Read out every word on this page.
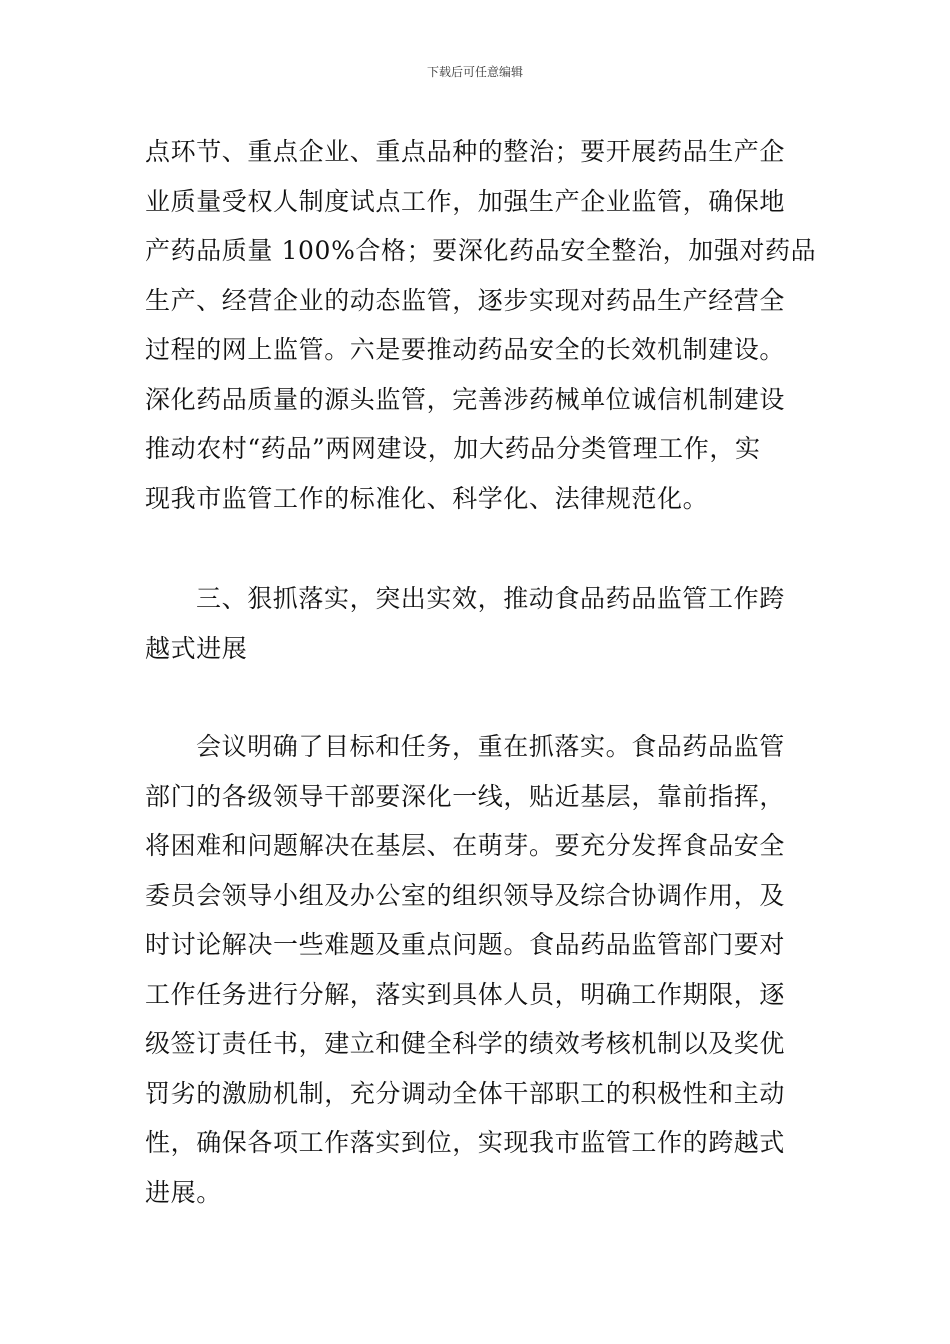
下载后可任意编辑
点环节、重点企业、重点品种的整治；要开展药品生产企
业质量受权人制度试点工作，加强生产企业监管，确保地
产药品质量 100%合格；要深化药品安全整治，加强对药品
生产、经营企业的动态监管，逐步实现对药品生产经营全
过程的网上监管。六是要推动药品安全的长效机制建设。
深化药品质量的源头监管，完善涉药械单位诚信机制建设
推动农村“药品”两网建设，加大药品分类管理工作，实
现我市监管工作的标准化、科学化、法律规范化。
三、狠抓落实，突出实效，推动食品药品监管工作跨
越式进展
会议明确了目标和任务，重在抓落实。食品药品监管
部门的各级领导干部要深化一线，贴近基层，靠前指挥，
将困难和问题解决在基层、在萌芽。要充分发挥食品安全
委员会领导小组及办公室的组织领导及综合协调作用，及
时讨论解决一些难题及重点问题。食品药品监管部门要对
工作任务进行分解，落实到具体人员，明确工作期限，逐
级签订责任书，建立和健全科学的绩效考核机制以及奖优
罚劣的激励机制，充分调动全体干部职工的积极性和主动
性，确保各项工作落实到位，实现我市监管工作的跨越式
进展。
